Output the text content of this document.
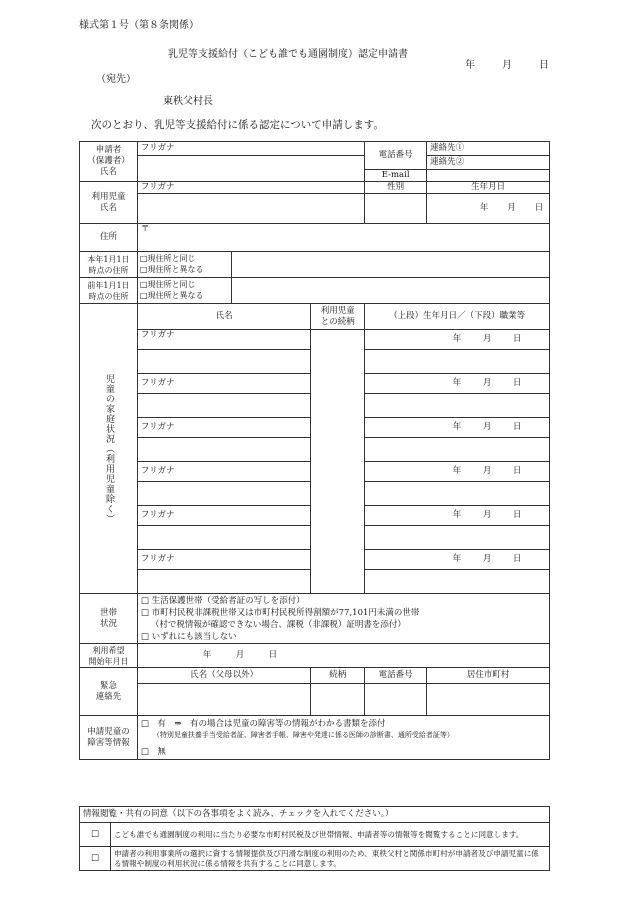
様式第１号（第８条関係）
乳児等支援給付（こども誰でも通園制度）認定申請書
年	月	日
（宛先）
東秩父村長
次のとおり、乳児等支援給付に係る認定について申請します。
申請者
（保護者）
氏名	フリガナ			電話番号	連絡先①
					連絡先②
				E-mail	
利用児童
氏名	フリガナ			性別	生年月日
					年 月 日
住所	〒				
本年1月1日
時点の住所	□現住所と同じ
□現住所と異なる				

前年1月1日
時点の住所	□現住所と同じ
□現住所と異なる				

児童の家庭状況（利用児童除く）	氏名		利用児童
との続柄	（上段）生年月日／（下段）職業等	
	フリガナ			年 月 日	

	フリガナ			年 月 日	

	フリガナ			年 月 日	

	フリガナ			年 月 日	

	フリガナ			年 月 日	

	フリガナ			年 月 日	

世帯
状況	□ 生活保護世帯（受給者証の写しを添付）
□ 市町村民税非課税世帯又は市町村民税所得割額が77,101円未満の世帯
（村で税情報が確認できない場合、課税（非課税）証明書を添付）
□ いずれにも該当しない				

利用希望
開始年月日	年 月 日				
緊急
連絡先	氏名（父母以外）		続柄	電話番号	居住市町村

申請児童の
障害等情報	□　有　⇒　有の場合は児童の障害等の情報がわかる書類を添付
（特別児童扶養手当受給者証、障害者手帳、障害や発達に係る医師の診断書、通所受給者証等）
□　無				
情報閲覧・共有の同意（以下の各事項をよく読み、チェックを入れてください。）	
□	こども誰でも通園制度の利用に当たり必要な市町村民税及び世帯情報、申請者等の情報等を閲覧することに同意します。
□	申請者の利用事業所の選択に資する情報提供及び円滑な制度の利用のため、東秩父村と関係市町村が申請者及び申請児童に係る情報や制度の利用状況に係る情報を共有することに同意します。
